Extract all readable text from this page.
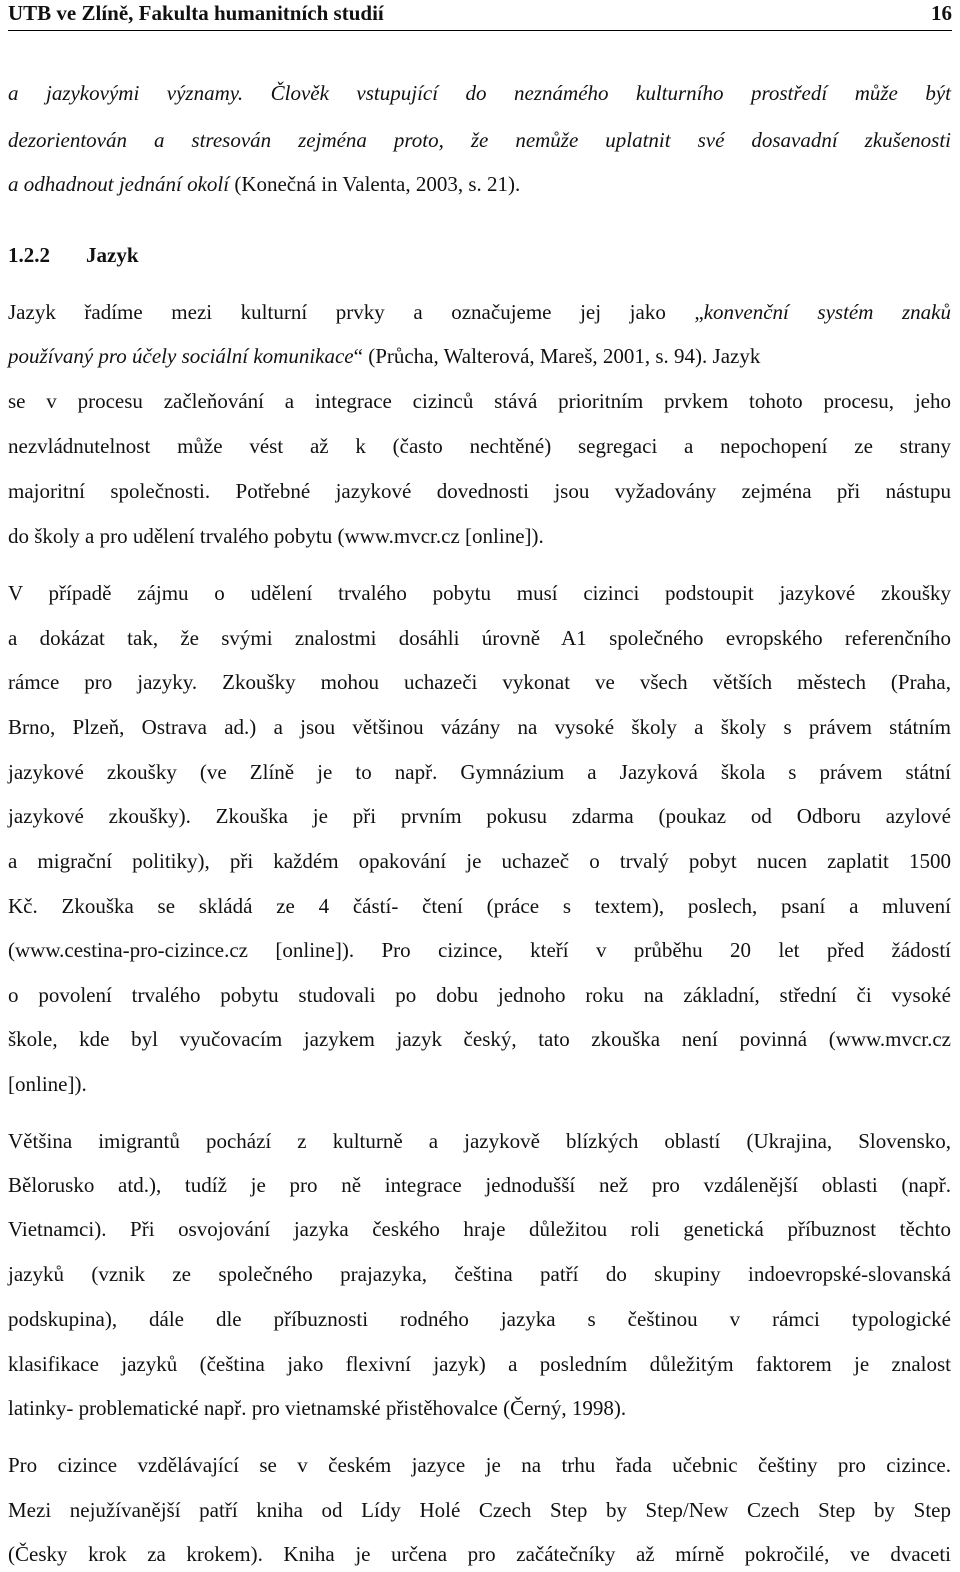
UTB ve Zlíně, Fakulta humanitních studií	16
a jazykovými významy. Člověk vstupující do neznámého kulturního prostředí může být
dezorientován a stresován zejména proto, že nemůže uplatnit své dosavadní zkušenosti
a odhadnout jednání okolí (Konečná in Valenta, 2003, s. 21).
1.2.2 Jazyk
Jazyk řadíme mezi kulturní prvky a označujeme jej jako „konvenční systém znaků
používaný pro účely sociální komunikace“ (Průcha, Walterová, Mareš, 2001, s. 94). Jazyk
se v procesu začleňování a integrace cizinců stává prioritním prvkem tohoto procesu, jeho
nezvládnutelnost může vést až k (často nechtěné) segregaci a nepochopení ze strany
majoritní společnosti. Potřebné jazykové dovednosti jsou vyžadovány zejména při nástupu
do školy a pro udělení trvalého pobytu (www.mvcr.cz [online]).
V případě zájmu o udělení trvalého pobytu musí cizinci podstoupit jazykové zkoušky
a dokázat tak, že svými znalostmi dosáhli úrovně A1 společného evropského referenčního
rámce pro jazyky. Zkoušky mohou uchazeči vykonat ve všech větších městech (Praha,
Brno, Plzeň, Ostrava ad.) a jsou většinou vázány na vysoké školy a školy s právem státním
jazykové zkoušky (ve Zlíně je to např. Gymnázium a Jazyková škola s právem státní
jazykové zkoušky). Zkouška je při prvním pokusu zdarma (poukaz od Odboru azylové
a migrační politiky), při každém opakování je uchazeč o trvalý pobyt nucen zaplatit 1500
Kč. Zkouška se skládá ze 4 částí- čtení (práce s textem), poslech, psaní a mluvení
(www.cestina-pro-cizince.cz [online]). Pro cizince, kteří v průběhu 20 let před žádostí
o povolení trvalého pobytu studovali po dobu jednoho roku na základní, střední či vysoké
škole, kde byl vyučovacím jazykem jazyk český, tato zkouška není povinná (www.mvcr.cz
[online]).
Většina imigrantů pochází z kulturně a jazykově blízkých oblastí (Ukrajina, Slovensko,
Bělorusko atd.), tudíž je pro ně integrace jednodušší než pro vzdálenější oblasti (např.
Vietnamci). Při osvojování jazyka českého hraje důležitou roli genetická příbuznost těchto
jazyků (vznik ze společného prajazyka, čeština patří do skupiny indoevropské-slovanská
podskupina), dále dle příbuznosti rodného jazyka s češtinou v rámci typologické
klasifikace jazyků (čeština jako flexivní jazyk) a posledním důležitým faktorem je znalost
latinky- problematické např. pro vietnamské přistěhovalce (Černý, 1998).
Pro cizince vzdělávající se v českém jazyce je na trhu řada učebnic češtiny pro cizince.
Mezi nejužívanější patří kniha od Lídy Holé Czech Step by Step/New Czech Step by Step
(Česky krok za krokem). Kniha je určena pro začátečníky až mírně pokročilé, ve dvaceti
